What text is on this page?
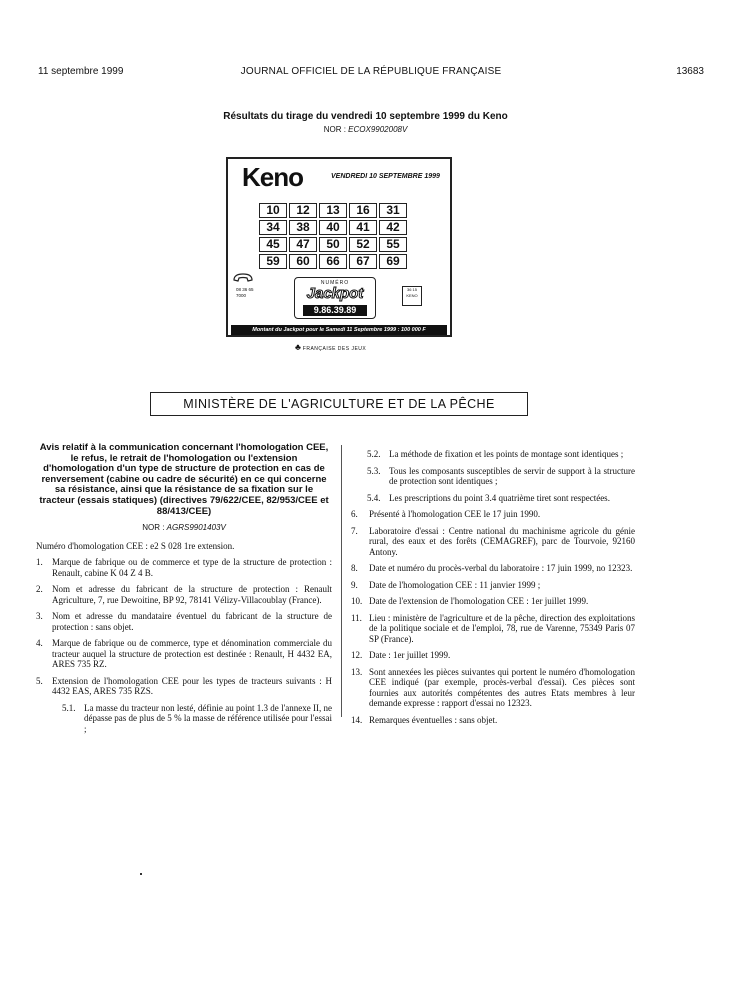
11 septembre 1999	JOURNAL OFFICIEL DE LA RÉPUBLIQUE FRANÇAISE	13683
Résultats du tirage du vendredi 10 septembre 1999 du Keno
NOR : ECOX9902008V
Keno	VENDREDI 10 SEPTEMBRE 1999
10	12	13	16	31
34	38	40	41	42
45	47	50	52	55
59	60	66	67	69
08 36 65 7000
NUMÉRO
Jackpot
9.86.39.89
36 15 KENO
Montant du Jackpot pour le Samedi 11 Septembre 1999 : 100 000 F
♣ FRANÇAISE DES JEUX
MINISTÈRE DE L'AGRICULTURE ET DE LA PÊCHE
Avis relatif à la communication concernant l'homologation CEE, le refus, le retrait de l'homologation ou l'extension d'homologation d'un type de structure de protection en cas de renversement (cabine ou cadre de sécurité) en ce qui concerne sa résistance, ainsi que la résistance de sa fixation sur le tracteur (essais statiques) (directives 79/622/CEE, 82/953/CEE et 88/413/CEE)
NOR : AGRS9901403V
Numéro d'homologation CEE : e2 S 028 1re extension.
1.	Marque de fabrique ou de commerce et type de la structure de protection : Renault, cabine K 04 Z 4 B.
2.	Nom et adresse du fabricant de la structure de protection : Renault Agriculture, 7, rue Dewoitine, BP 92, 78141 Vélizy-Villacoublay (France).
3.	Nom et adresse du mandataire éventuel du fabricant de la structure de protection : sans objet.
4.	Marque de fabrique ou de commerce, type et dénomination commerciale du tracteur auquel la structure de protection est destinée : Renault, H 4432 EA, ARES 735 RZ.
5.	Extension de l'homologation CEE pour les types de tracteurs suivants : H 4432 EAS, ARES 735 RZS.
5.1. La masse du tracteur non lesté, définie au point 1.3 de l'annexe II, ne dépasse pas de plus de 5 % la masse de référence utilisée pour l'essai ;
5.2. La méthode de fixation et les points de montage sont identiques ;
5.3. Tous les composants susceptibles de servir de support à la structure de protection sont identiques ;
5.4. Les prescriptions du point 3.4 quatrième tiret sont respectées.
6.	Présenté à l'homologation CEE le 17 juin 1990.
7.	Laboratoire d'essai : Centre national du machinisme agricole du génie rural, des eaux et des forêts (CEMAGREF), parc de Tourvoie, 92160 Antony.
8.	Date et numéro du procès-verbal du laboratoire : 17 juin 1999, no 12323.
9.	Date de l'homologation CEE : 11 janvier 1999 ;
10. Date de l'extension de l'homologation CEE : 1er juillet 1999.
11. Lieu : ministère de l'agriculture et de la pêche, direction des exploitations de la politique sociale et de l'emploi, 78, rue de Varenne, 75349 Paris 07 SP (France).
12. Date : 1er juillet 1999.
13. Sont annexées les pièces suivantes qui portent le numéro d'homologation CEE indiqué (par exemple, procès-verbal d'essai). Ces pièces sont fournies aux autorités compétentes des autres Etats membres à leur demande expresse : rapport d'essai no 12323.
14. Remarques éventuelles : sans objet.
